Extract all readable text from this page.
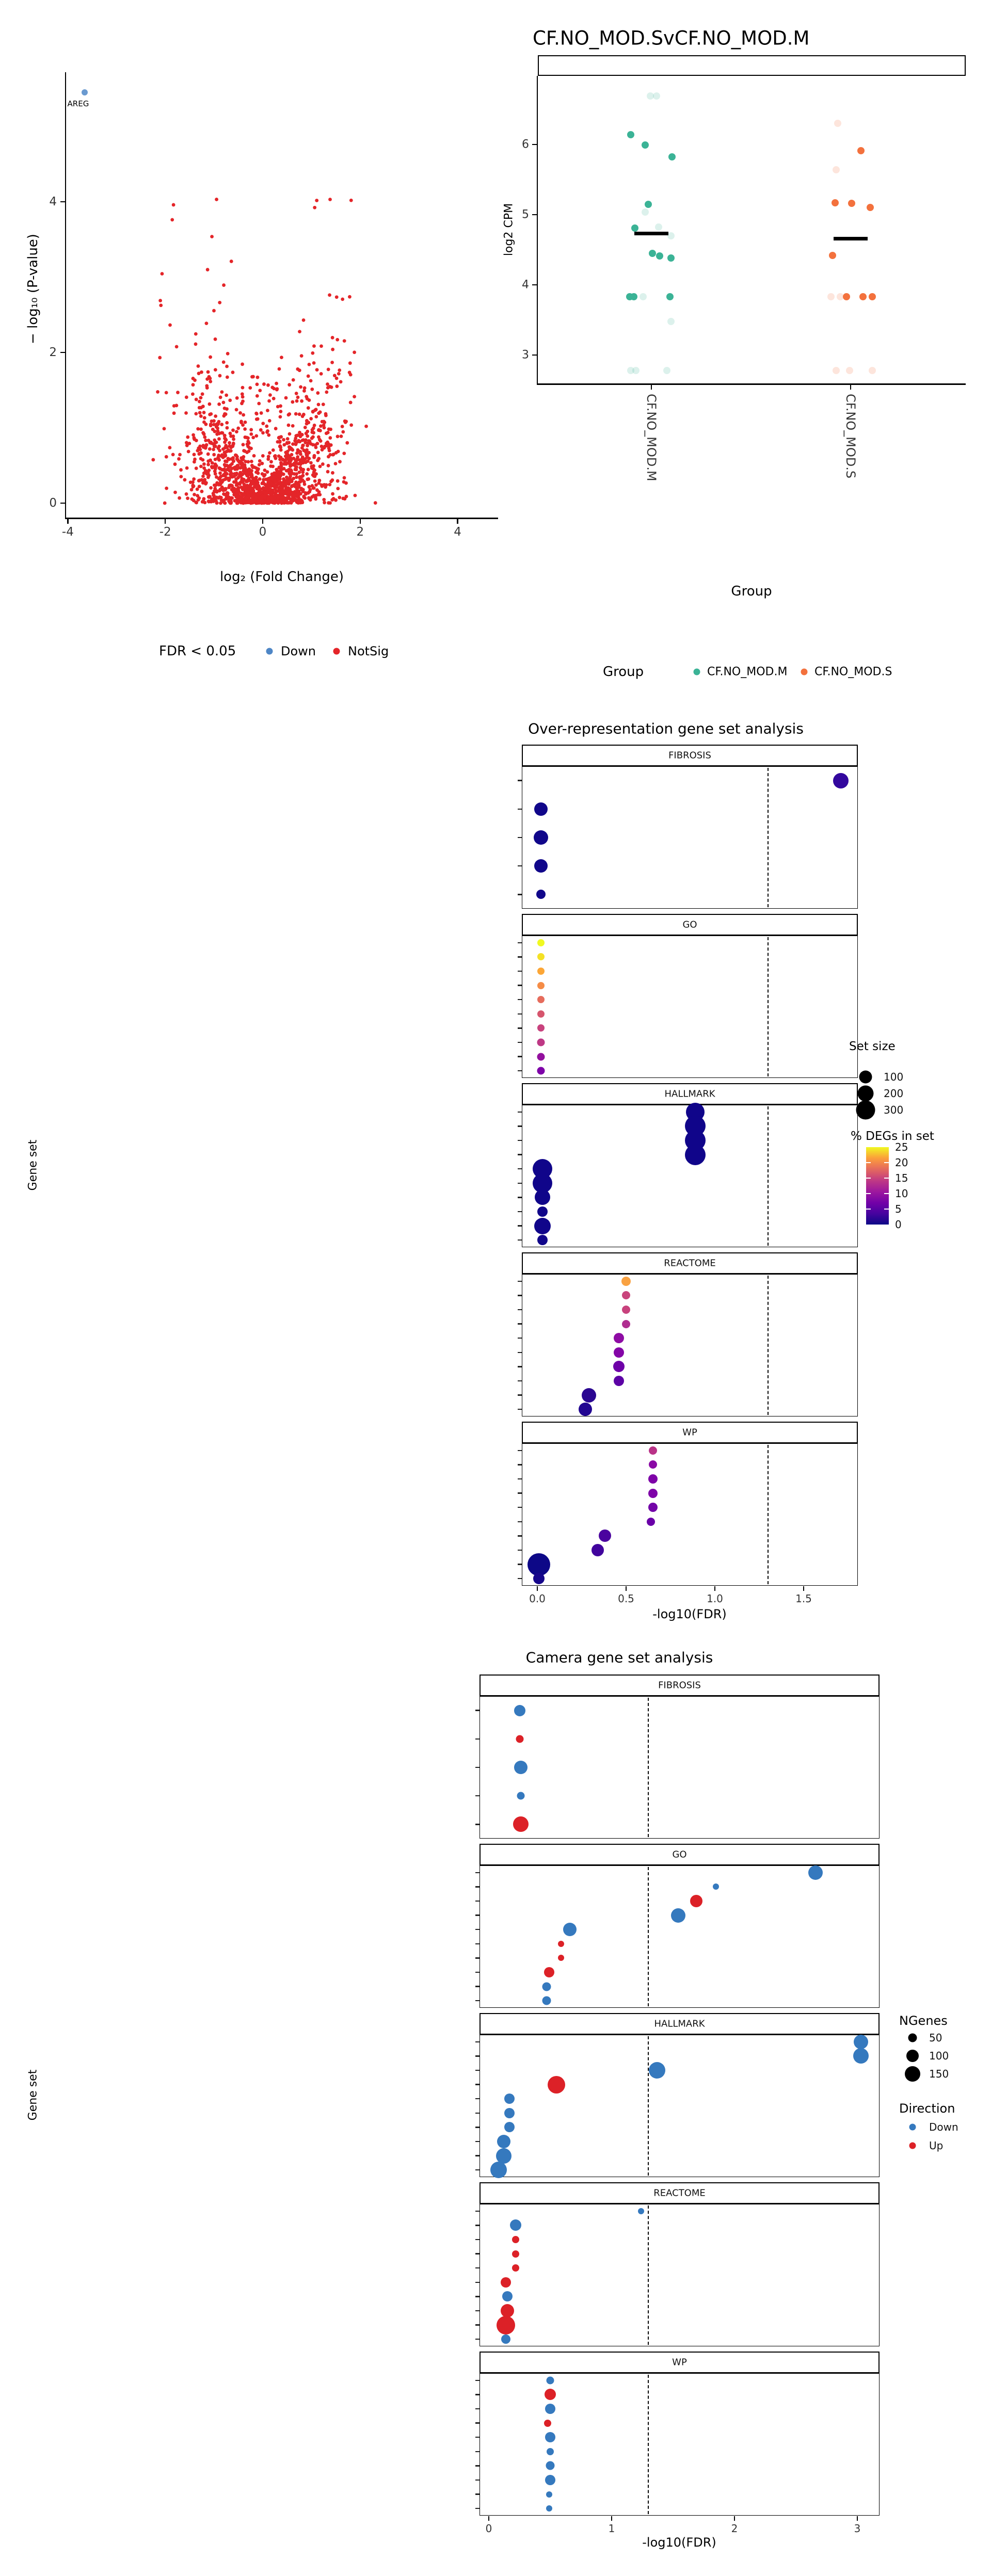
− log₁₀ (P-value)
log₂ (Fold Change)
FDR < 0.05
CF.NO_MOD.SvCF.NO_MOD.M
log2 CPM
Group
Group
Over-representation gene set analysis
Gene set
-log10(FDR)
Set size
% DEGs in set
Camera gene set analysis
Gene set
-log10(FDR)
NGenes
Direction
-4	-2	0	2	4
0
2
4
AREG
Down	NotSig
3
4
5
6
CF.NO_MOD.M
CF.NO_MOD.M
CF.NO_MOD.S
CF.NO_MOD.S
FIBROSIS
GO
HALLMARK
REACTOME
WP
0.0	0.5	1.0	1.5
100
200
300
25
20
15
10
5
0
FIBROSIS
GO
HALLMARK
REACTOME
WP
0	1	2	3
50
100
150
Down
Up
